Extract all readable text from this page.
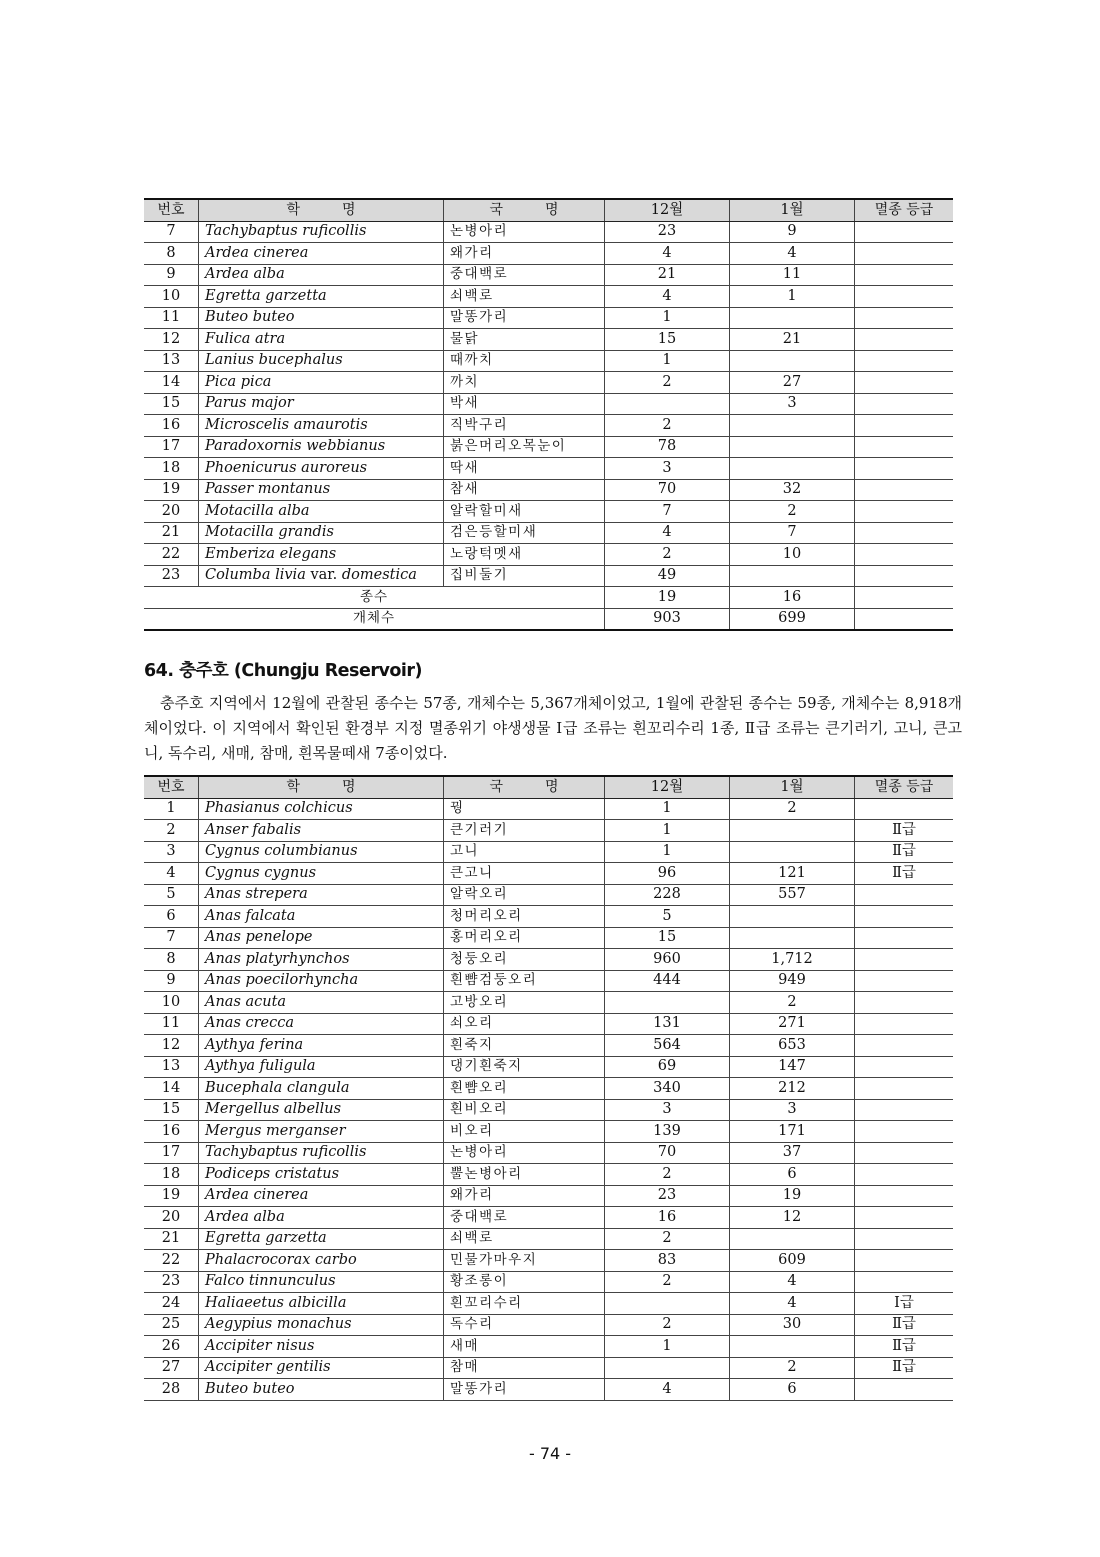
번호	학 명	국 명	12월	1월	멸종 등급
7	Tachybaptus ruficollis	논병아리	23	9	
8	Ardea cinerea	왜가리	4	4	
9	Ardea alba	중대백로	21	11	
10	Egretta garzetta	쇠백로	4	1	
11	Buteo buteo	말똥가리	1		
12	Fulica atra	물닭	15	21	
13	Lanius bucephalus	때까치	1		
14	Pica pica	까치	2	27	
15	Parus major	박새		3	
16	Microscelis amaurotis	직박구리	2		
17	Paradoxornis webbianus	붉은머리오목눈이	78		
18	Phoenicurus auroreus	딱새	3		
19	Passer montanus	참새	70	32	
20	Motacilla alba	알락할미새	7	2	
21	Motacilla grandis	검은등할미새	4	7	
22	Emberiza elegans	노랑턱멧새	2	10	
23	Columba livia var. domestica	집비둘기	49		
종수			19	16	
개체수			903	699	
64. 충주호 (Chungju Reservoir)

충주호 지역에서 12월에 관찰된 종수는 57종, 개체수는 5,367개체이었고, 1월에 관찰된 종수는 59종, 개체수는 8,918개체이었다. 이 지역에서 확인된 환경부 지정 멸종위기 야생생물 Ⅰ급 조류는 흰꼬리수리 1종, Ⅱ급 조류는 큰기러기, 고니, 큰고니, 독수리, 새매, 참매, 흰목물떼새 7종이었다.

번호	학 명	국 명	12월	1월	멸종 등급
1	Phasianus colchicus	꿩	1	2	
2	Anser fabalis	큰기러기	1		Ⅱ급
3	Cygnus columbianus	고니	1		Ⅱ급
4	Cygnus cygnus	큰고니	96	121	Ⅱ급
5	Anas strepera	알락오리	228	557	
6	Anas falcata	청머리오리	5		
7	Anas penelope	홍머리오리	15		
8	Anas platyrhynchos	청둥오리	960	1,712	
9	Anas poecilorhyncha	흰뺨검둥오리	444	949	
10	Anas acuta	고방오리		2	
11	Anas crecca	쇠오리	131	271	
12	Aythya ferina	흰죽지	564	653	
13	Aythya fuligula	댕기흰죽지	69	147	
14	Bucephala clangula	흰뺨오리	340	212	
15	Mergellus albellus	흰비오리	3	3	
16	Mergus merganser	비오리	139	171	
17	Tachybaptus ruficollis	논병아리	70	37	
18	Podiceps cristatus	뿔논병아리	2	6	
19	Ardea cinerea	왜가리	23	19	
20	Ardea alba	중대백로	16	12	
21	Egretta garzetta	쇠백로	2		
22	Phalacrocorax carbo	민물가마우지	83	609	
23	Falco tinnunculus	황조롱이	2	4	
24	Haliaeetus albicilla	흰꼬리수리		4	Ⅰ급
25	Aegypius monachus	독수리	2	30	Ⅱ급
26	Accipiter nisus	새매	1		Ⅱ급
27	Accipiter gentilis	참매		2	Ⅱ급
28	Buteo buteo	말똥가리	4	6	
- 74 -
